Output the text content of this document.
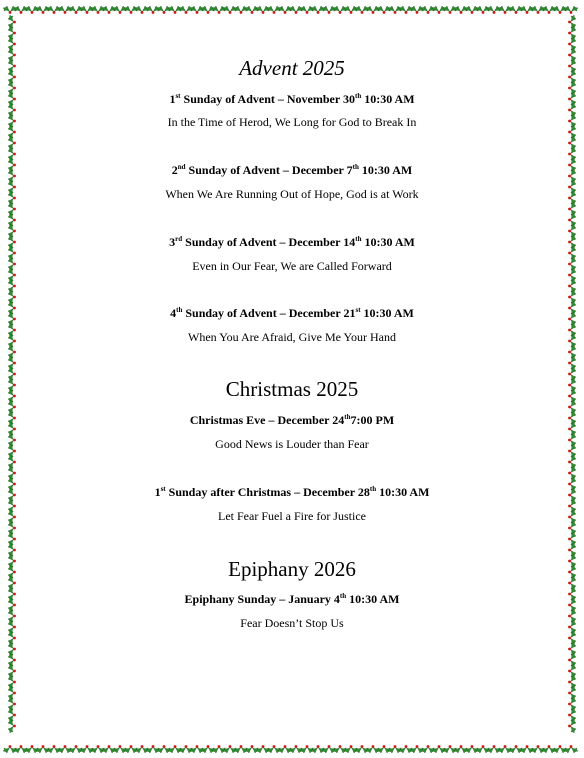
Advent 2025

1st Sunday of Advent – November 30th 10:30 AM

In the Time of Herod, We Long for God to Break In

2nd Sunday of Advent – December 7th 10:30 AM

When We Are Running Out of Hope, God is at Work

3rd Sunday of Advent – December 14th 10:30 AM

Even in Our Fear, We are Called Forward

4th Sunday of Advent – December 21st 10:30 AM

When You Are Afraid, Give Me Your Hand

Christmas 2025

Christmas Eve – December 24th7:00 PM

Good News is Louder than Fear

1st Sunday after Christmas – December 28th 10:30 AM

Let Fear Fuel a Fire for Justice

Epiphany 2026

Epiphany Sunday – January 4th 10:30 AM

Fear Doesn’t Stop Us
